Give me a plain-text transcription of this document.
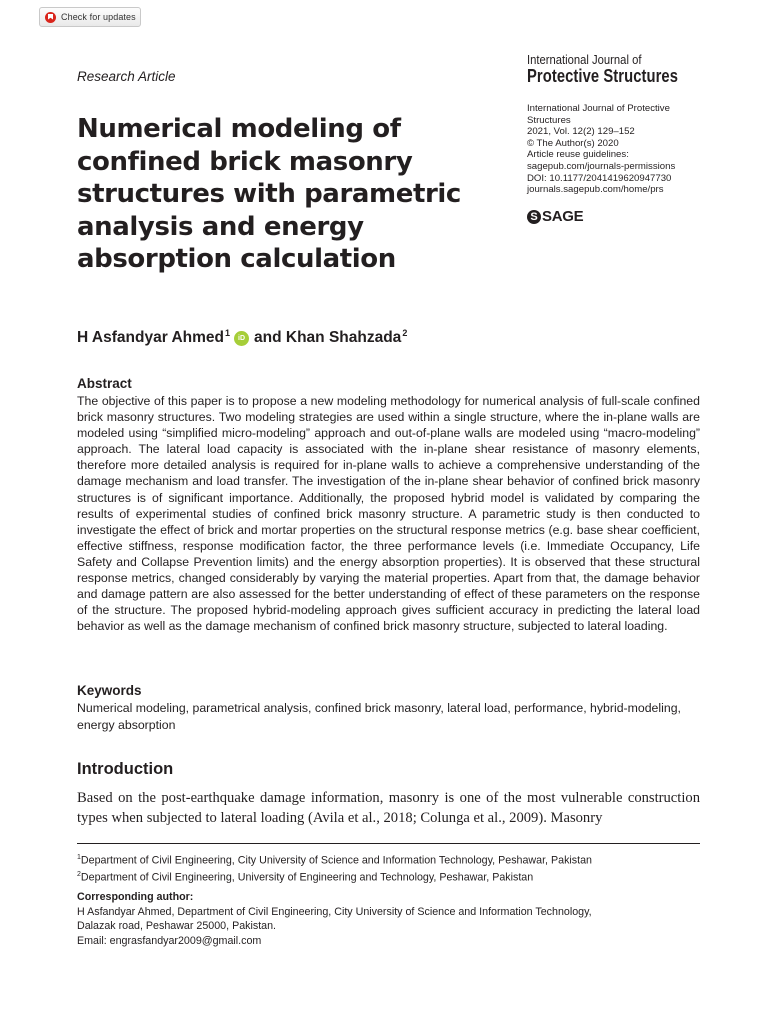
Check for updates
International Journal of
Protective Structures
Research Article
Numerical modeling of confined brick masonry structures with parametric analysis and energy absorption calculation
International Journal of Protective
Structures
2021, Vol. 12(2) 129–152
© The Author(s) 2020
Article reuse guidelines:
sagepub.com/journals-permissions
DOI: 10.1177/2041419620947730
journals.sagepub.com/home/prs
S SAGE
H Asfandyar Ahmed$^1$
iD and
Khan Shahzada$^2$
Abstract

The objective of this paper is to propose a new modeling methodology for numerical analysis of full-scale confined brick masonry structures. Two modeling strategies are used within a single structure, where the in-plane walls are modeled using “simplified micro-modeling” approach and out-of-plane walls are modeled using “macro-modeling” approach. The lateral load capacity is associated with the in-plane shear resistance of masonry elements, therefore more detailed analysis is required for in-plane walls to achieve a comprehensive understanding of the damage mechanism and load transfer. The investigation of the in-plane shear behavior of confined brick masonry structures is of significant importance. Additionally, the proposed hybrid model is validated by comparing the results of experimental studies of confined brick masonry structure. A parametric study is then conducted to investigate the effect of brick and mortar properties on the structural response metrics (e.g. base shear coefficient, effective stiffness, response modification factor, the three performance levels (i.e. Immediate Occupancy, Life Safety and Collapse Prevention limits) and the energy absorption properties). It is observed that these structural response metrics, changed considerably by varying the material properties. Apart from that, the damage behavior and damage pattern are also assessed for the better understanding of effect of these parameters on the response of the structure. The proposed hybrid-modeling approach gives sufficient accuracy in predicting the lateral load behavior as well as the damage mechanism of confined brick masonry structure, subjected to lateral loading.

Keywords

Numerical modeling, parametrical analysis, confined brick masonry, lateral load, performance, hybrid-modeling, energy absorption

Introduction

Based on the post-earthquake damage information, masonry is one of the most vulnerable construction types when subjected to lateral loading (Avila et al., 2018; Colunga et al., 2009). Masonry

$^1$Department of Civil Engineering, City University of Science and Information Technology, Peshawar, Pakistan
$^2$Department of Civil Engineering, University of Engineering and Technology, Peshawar, Pakistan
Corresponding author:
H Asfandyar Ahmed, Department of Civil Engineering, City University of Science and Information Technology,
Dalazak road, Peshawar 25000, Pakistan.
Email: engrasfandyar2009@gmail.com
